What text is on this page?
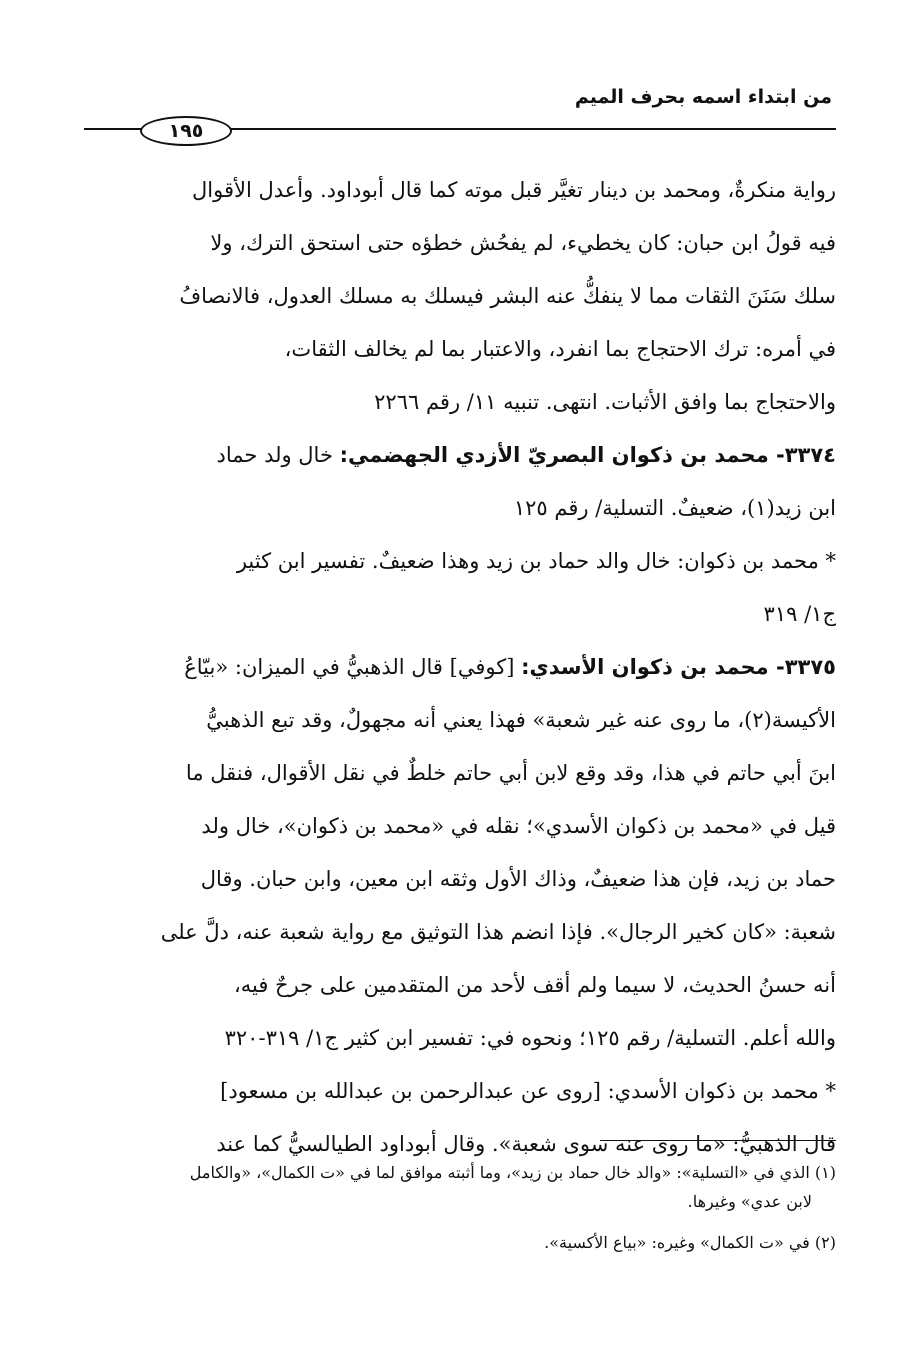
من ابتداء اسمه بحرف الميم
١٩٥
رواية منكرةٌ، ومحمد بن دينار تغيَّر قبل موته كما قال أبوداود. وأعدل الأقوال
فيه قولُ ابن حبان: كان يخطيء، لم يفحُش خطؤه حتى استحق الترك، ولا
سلك سَنَنَ الثقات مما لا ينفكُّ عنه البشر فيسلك به مسلك العدول، فالانصافُ
في أمره: ترك الاحتجاج بما انفرد، والاعتبار بما لم يخالف الثقات،
والاحتجاج بما وافق الأثبات. انتهى. تنبيه ١١/ رقم ٢٢٦٦
٣٣٧٤- محمد بن ذكوان البصريّ الأزدي الجهضمي: خال ولد حماد
ابن زيد(١)، ضعيفٌ. التسلية/ رقم ١٢٥
* محمد بن ذكوان: خال والد حماد بن زيد وهذا ضعيفٌ. تفسير ابن كثير
ج١/ ٣١٩
٣٣٧٥- محمد بن ذكوان الأسدي: [كوفي] قال الذهبيُّ في الميزان: «بيّاعُ
الأكيسة(٢)، ما روى عنه غير شعبة» فهذا يعني أنه مجهولٌ، وقد تبع الذهبيُّ
ابنَ أبي حاتم في هذا، وقد وقع لابن أبي حاتم خلطٌ في نقل الأقوال، فنقل ما
قيل في «محمد بن ذكوان الأسدي»؛ نقله في «محمد بن ذكوان»، خال ولد
حماد بن زيد، فإن هذا ضعيفٌ، وذاك الأول وثقه ابن معين، وابن حبان. وقال
شعبة: «كان كخير الرجال». فإذا انضم هذا التوثيق مع رواية شعبة عنه، دلَّ على
أنه حسنُ الحديث، لا سيما ولم أقف لأحد من المتقدمين على جرحٌ فيه،
والله أعلم. التسلية/ رقم ١٢٥؛ ونحوه في: تفسير ابن كثير ج١/ ٣١٩-٣٢٠
* محمد بن ذكوان الأسدي: [روى عن عبدالرحمن بن عبدالله بن مسعود]
قال الذهبيُّ: «ما روى عنه سوى شعبة». وقال أبوداود الطيالسيُّ كما عند
(١) الذي في «التسلية»: «والد خال حماد بن زيد»، وما أثبته موافق لما في «ت الكمال»، «والكامل
لابن عدي» وغيرها.
(٢) في «ت الكمال» وغيره: «بياع الأكسية».
